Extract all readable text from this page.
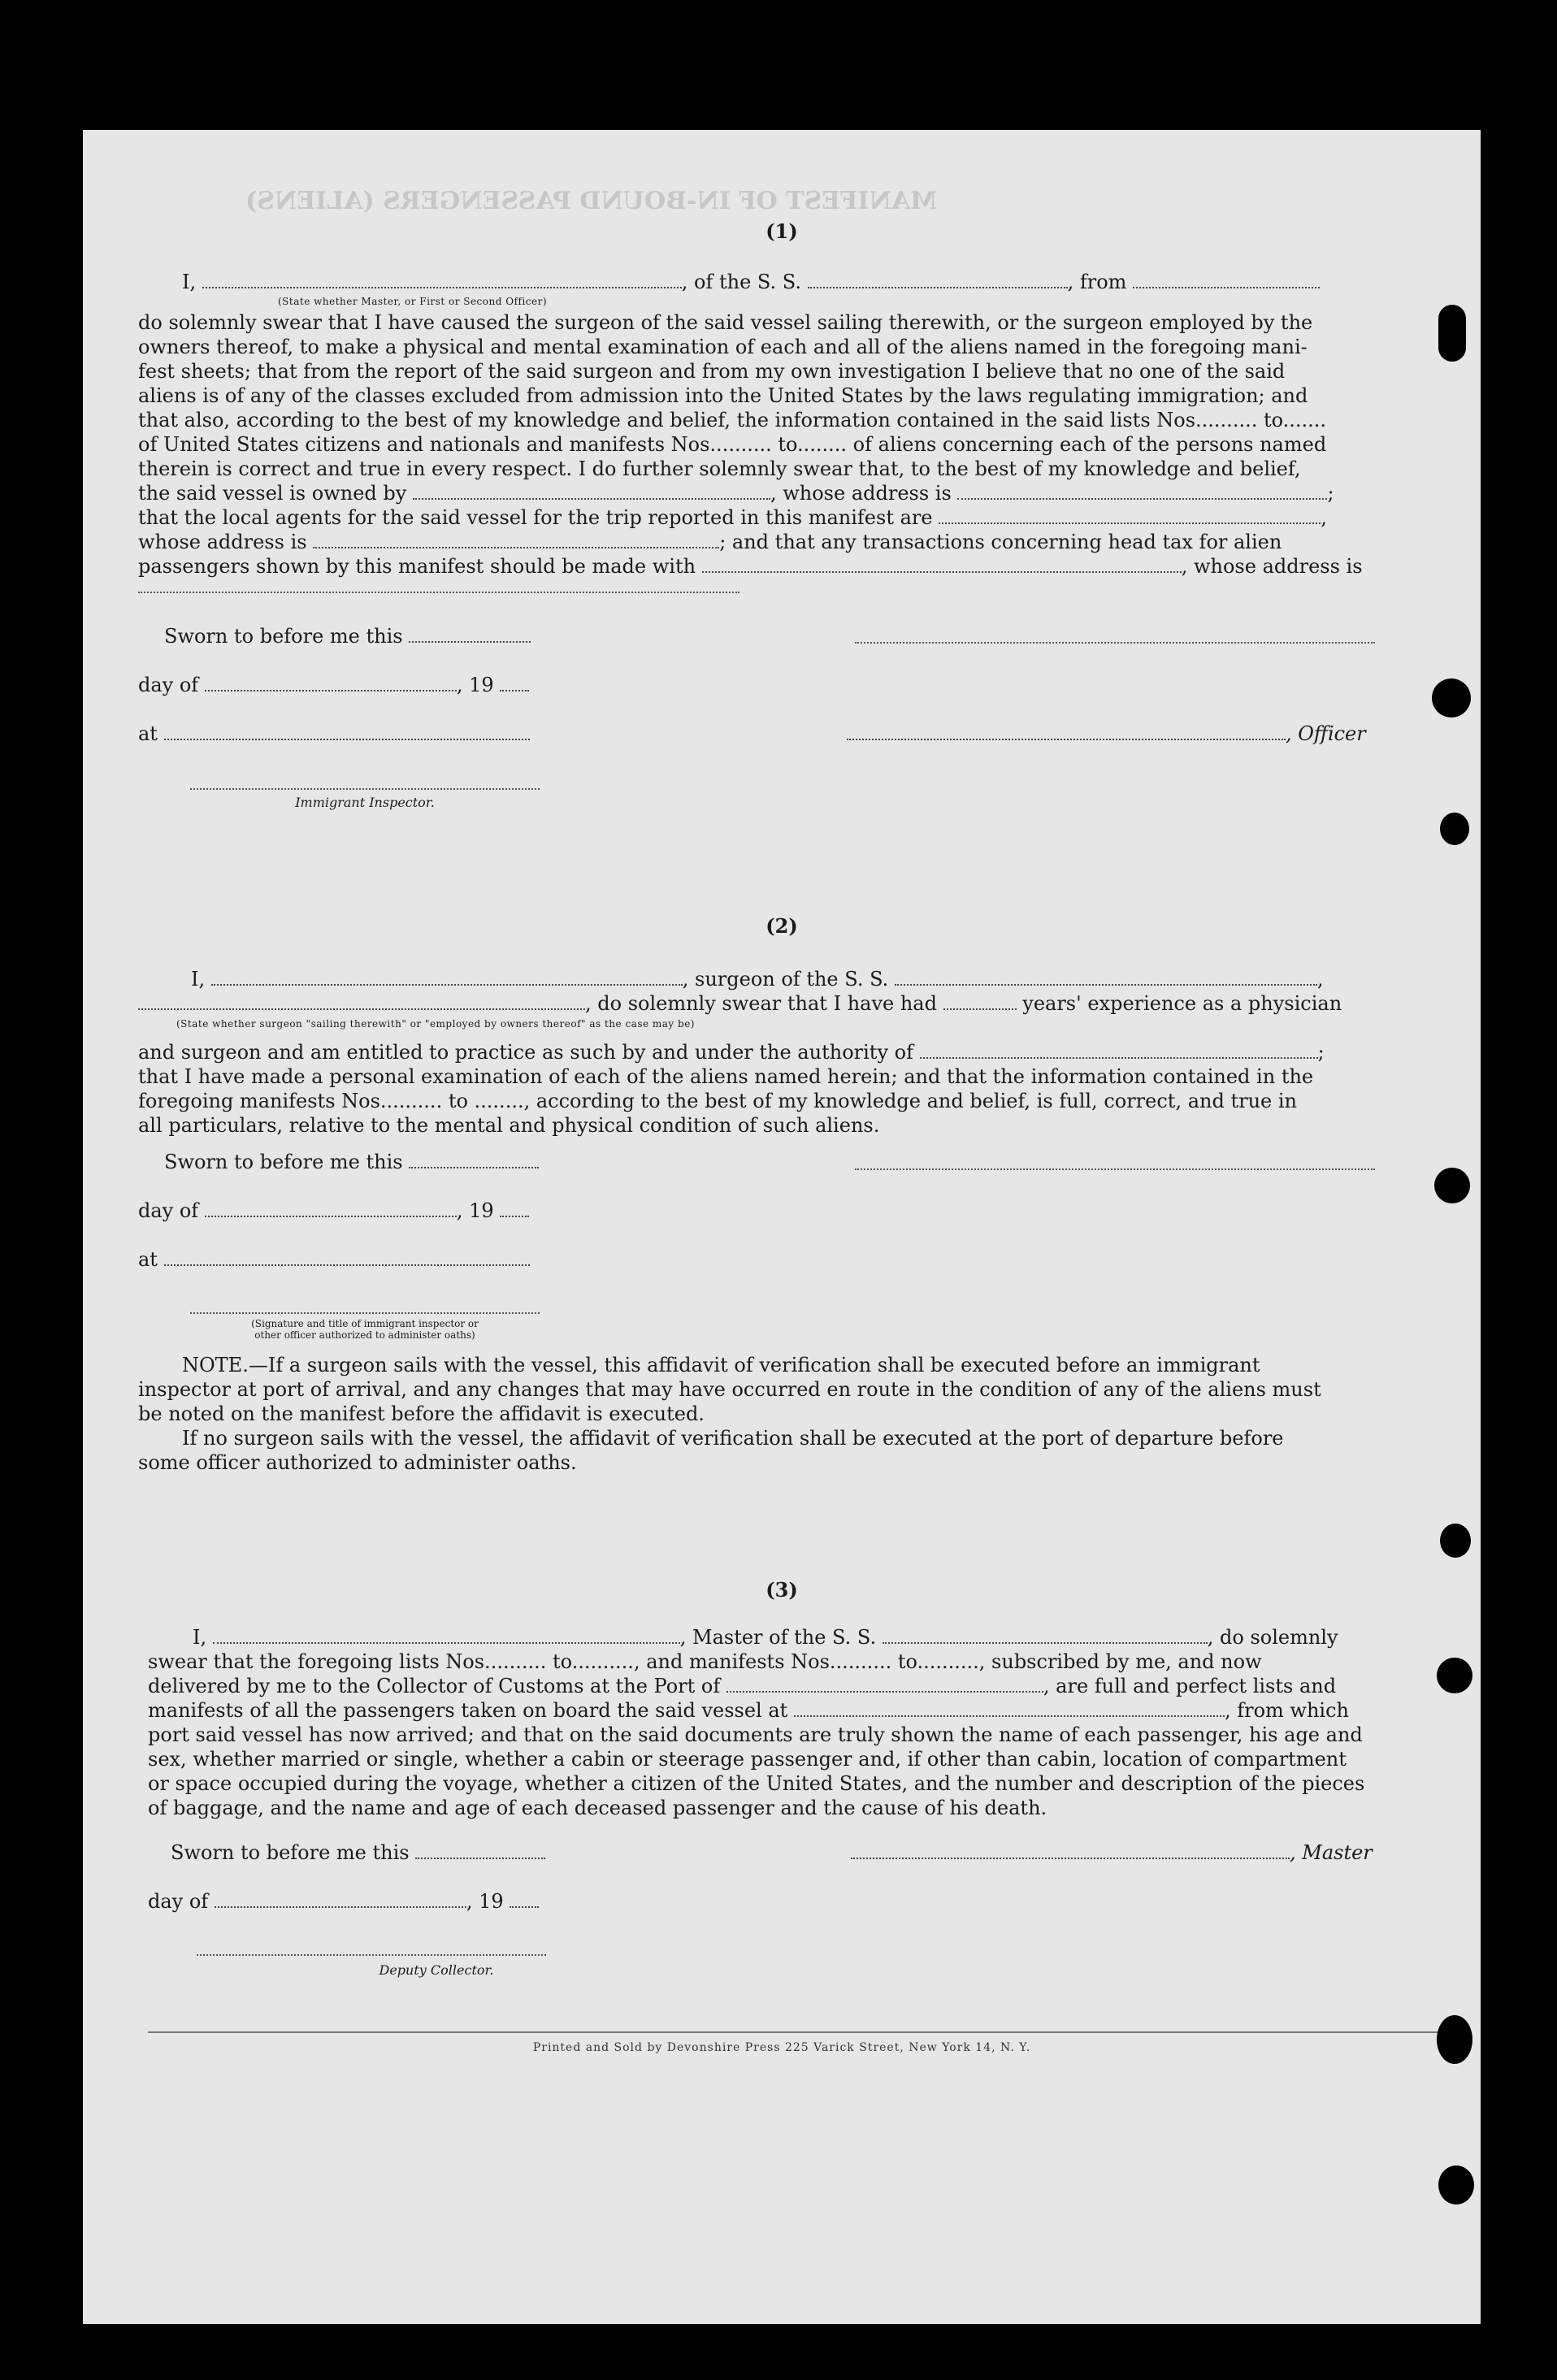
MANIFEST OF IN-BOUND PASSENGERS (ALIENS)
(1)
I,	, of the S. S.	, from
(State whether Master, or First or Second Officer)
do solemnly swear that I have caused the surgeon of the said vessel sailing therewith, or the surgeon employed by the
owners thereof, to make a physical and mental examination of each and all of the aliens named in the foregoing mani-
fest sheets; that from the report of the said surgeon and from my own investigation I believe that no one of the said
aliens is of any of the classes excluded from admission into the United States by the laws regulating immigration; and
that also, according to the best of my knowledge and belief, the information contained in the said lists Nos.......... to.......
of United States citizens and nationals and manifests Nos.......... to........ of aliens concerning each of the persons named
therein is correct and true in every respect. I do further solemnly swear that, to the best of my knowledge and belief,
the said vessel is owned by	, whose address is	;
that the local agents for the said vessel for the trip reported in this manifest are	,
whose address is	; and that any transactions concerning head tax for alien
passengers shown by this manifest should be made with	, whose address is
Sworn to before me this
day of	, 19
at	, Officer
Immigrant Inspector.
(2)
I,	, surgeon of the S. S.	,
, do solemnly swear that I have had	years' experience as a physician
(State whether surgeon "sailing therewith" or "employed by owners thereof" as the case may be)
and surgeon and am entitled to practice as such by and under the authority of	;
that I have made a personal examination of each of the aliens named herein; and that the information contained in the
foregoing manifests Nos.......... to ........, according to the best of my knowledge and belief, is full, correct, and true in
all particulars, relative to the mental and physical condition of such aliens.
Sworn to before me this
day of	, 19
at
(Signature and title of immigrant inspector or
other officer authorized to administer oaths)
NOTE.—If a surgeon sails with the vessel, this affidavit of verification shall be executed before an immigrant
inspector at port of arrival, and any changes that may have occurred en route in the condition of any of the aliens must
be noted on the manifest before the affidavit is executed.
If no surgeon sails with the vessel, the affidavit of verification shall be executed at the port of departure before
some officer authorized to administer oaths.
(3)
I,	, Master of the S. S.	, do solemnly
swear that the foregoing lists Nos.......... to.........., and manifests Nos.......... to.........., subscribed by me, and now
delivered by me to the Collector of Customs at the Port of	, are full and perfect lists and
manifests of all the passengers taken on board the said vessel at	, from which
port said vessel has now arrived; and that on the said documents are truly shown the name of each passenger, his age and
sex, whether married or single, whether a cabin or steerage passenger and, if other than cabin, location of compartment
or space occupied during the voyage, whether a citizen of the United States, and the number and description of the pieces
of baggage, and the name and age of each deceased passenger and the cause of his death.
Sworn to before me this	, Master
day of	, 19
Deputy Collector.
Printed and Sold by Devonshire Press 225 Varick Street, New York 14, N. Y.
